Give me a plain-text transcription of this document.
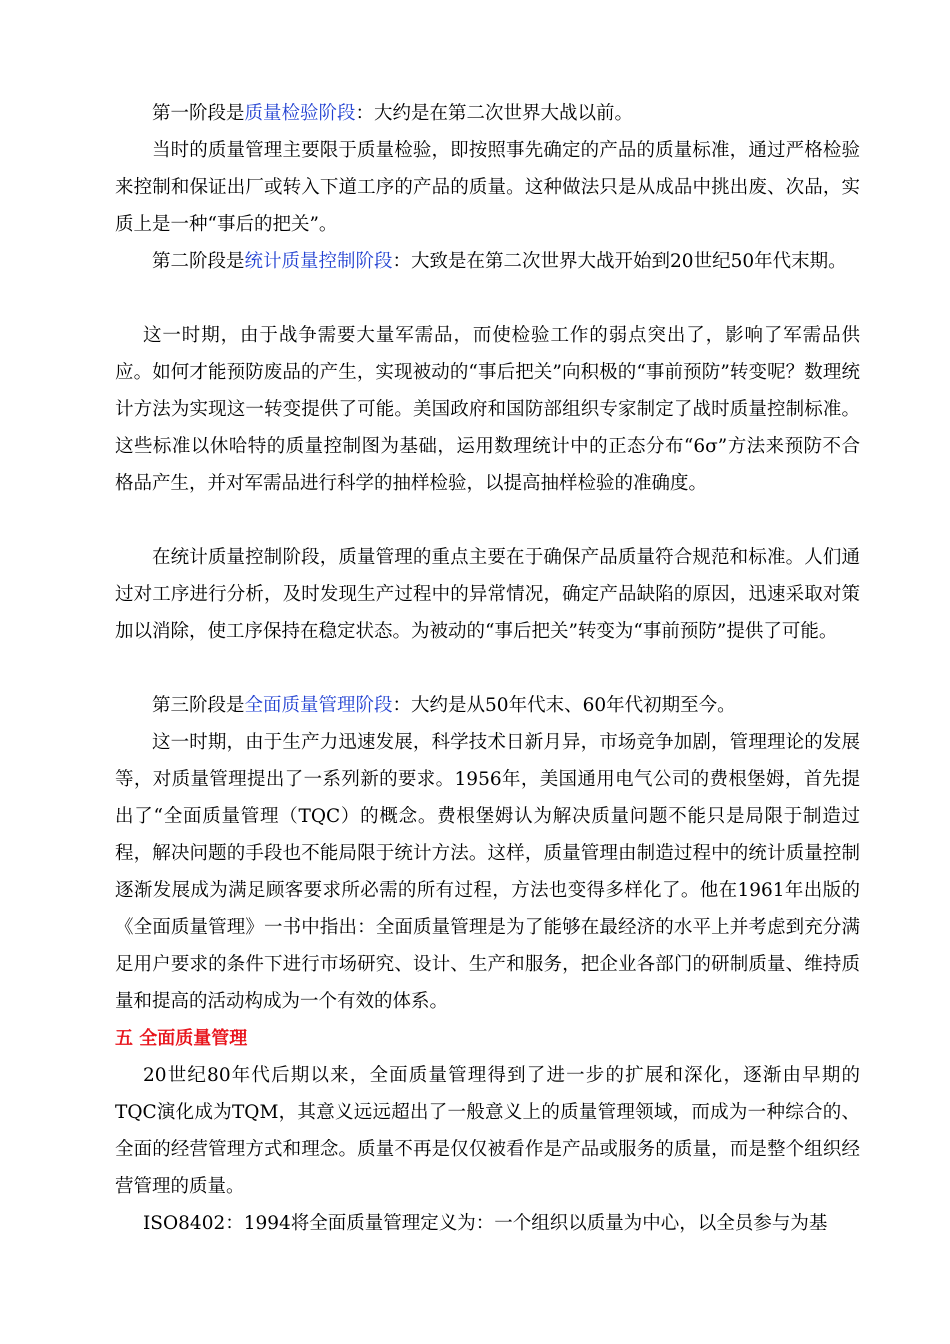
第一阶段是质量检验阶段：大约是在第二次世界大战以前。

当时的质量管理主要限于质量检验，即按照事先确定的产品的质量标准，通过严格检验来控制和保证出厂或转入下道工序的产品的质量。这种做法只是从成品中挑出废、次品，实质上是一种“事后的把关”。

第二阶段是统计质量控制阶段：大致是在第二次世界大战开始到20世纪50年代末期。

这一时期，由于战争需要大量军需品，而使检验工作的弱点突出了，影响了军需品供应。如何才能预防废品的产生，实现被动的“事后把关”向积极的“事前预防”转变呢？数理统计方法为实现这一转变提供了可能。美国政府和国防部组织专家制定了战时质量控制标准。这些标准以休哈特的质量控制图为基础，运用数理统计中的正态分布“6σ”方法来预防不合格品产生，并对军需品进行科学的抽样检验，以提高抽样检验的准确度。

在统计质量控制阶段，质量管理的重点主要在于确保产品质量符合规范和标准。人们通过对工序进行分析，及时发现生产过程中的异常情况，确定产品缺陷的原因，迅速采取对策加以消除，使工序保持在稳定状态。为被动的“事后把关”转变为“事前预防”提供了可能。

第三阶段是全面质量管理阶段：大约是从50年代末、60年代初期至今。

这一时期，由于生产力迅速发展，科学技术日新月异，市场竞争加剧，管理理论的发展等，对质量管理提出了一系列新的要求。1956年，美国通用电气公司的费根堡姆，首先提出了“全面质量管理（TQC）的概念。费根堡姆认为解决质量问题不能只是局限于制造过程，解决问题的手段也不能局限于统计方法。这样，质量管理由制造过程中的统计质量控制逐渐发展成为满足顾客要求所必需的所有过程，方法也变得多样化了。他在1961年出版的《全面质量管理》一书中指出：全面质量管理是为了能够在最经济的水平上并考虑到充分满足用户要求的条件下进行市场研究、设计、生产和服务，把企业各部门的研制质量、维持质量和提高的活动构成为一个有效的体系。

五 全面质量管理

20世纪80年代后期以来，全面质量管理得到了进一步的扩展和深化，逐渐由早期的TQC演化成为TQM，其意义远远超出了一般意义上的质量管理领域，而成为一种综合的、全面的经营管理方式和理念。质量不再是仅仅被看作是产品或服务的质量，而是整个组织经营管理的质量。

ISO8402：1994将全面质量管理定义为：一个组织以质量为中心，以全员参与为基
